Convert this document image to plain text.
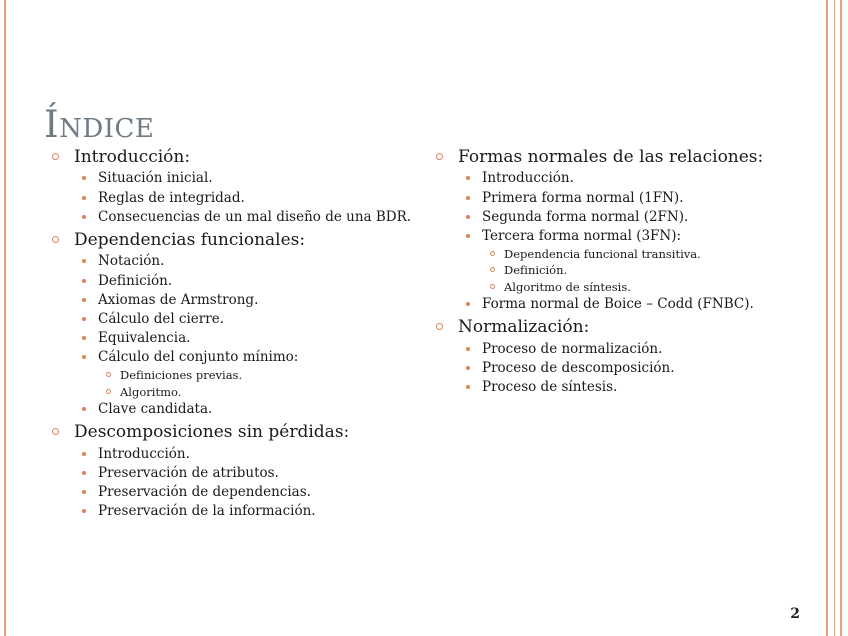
Índice
Introducción:
Situación inicial.
Reglas de integridad.
Consecuencias de un mal diseño de una BDR.
Dependencias funcionales:
Notación.
Definición.
Axiomas de Armstrong.
Cálculo del cierre.
Equivalencia.
Cálculo del conjunto mínimo:
Definiciones previas.
Algoritmo.
Clave candidata.
Descomposiciones sin pérdidas:
Introducción.
Preservación de atributos.
Preservación de dependencias.
Preservación de la información.
Formas normales de las relaciones:
Introducción.
Primera forma normal (1FN).
Segunda forma normal (2FN).
Tercera forma normal (3FN):
Dependencia funcional transitiva.
Definición.
Algoritmo de síntesis.
Forma normal de Boice – Codd (FNBC).
Normalización:
Proceso de normalización.
Proceso de descomposición.
Proceso de síntesis.
2
